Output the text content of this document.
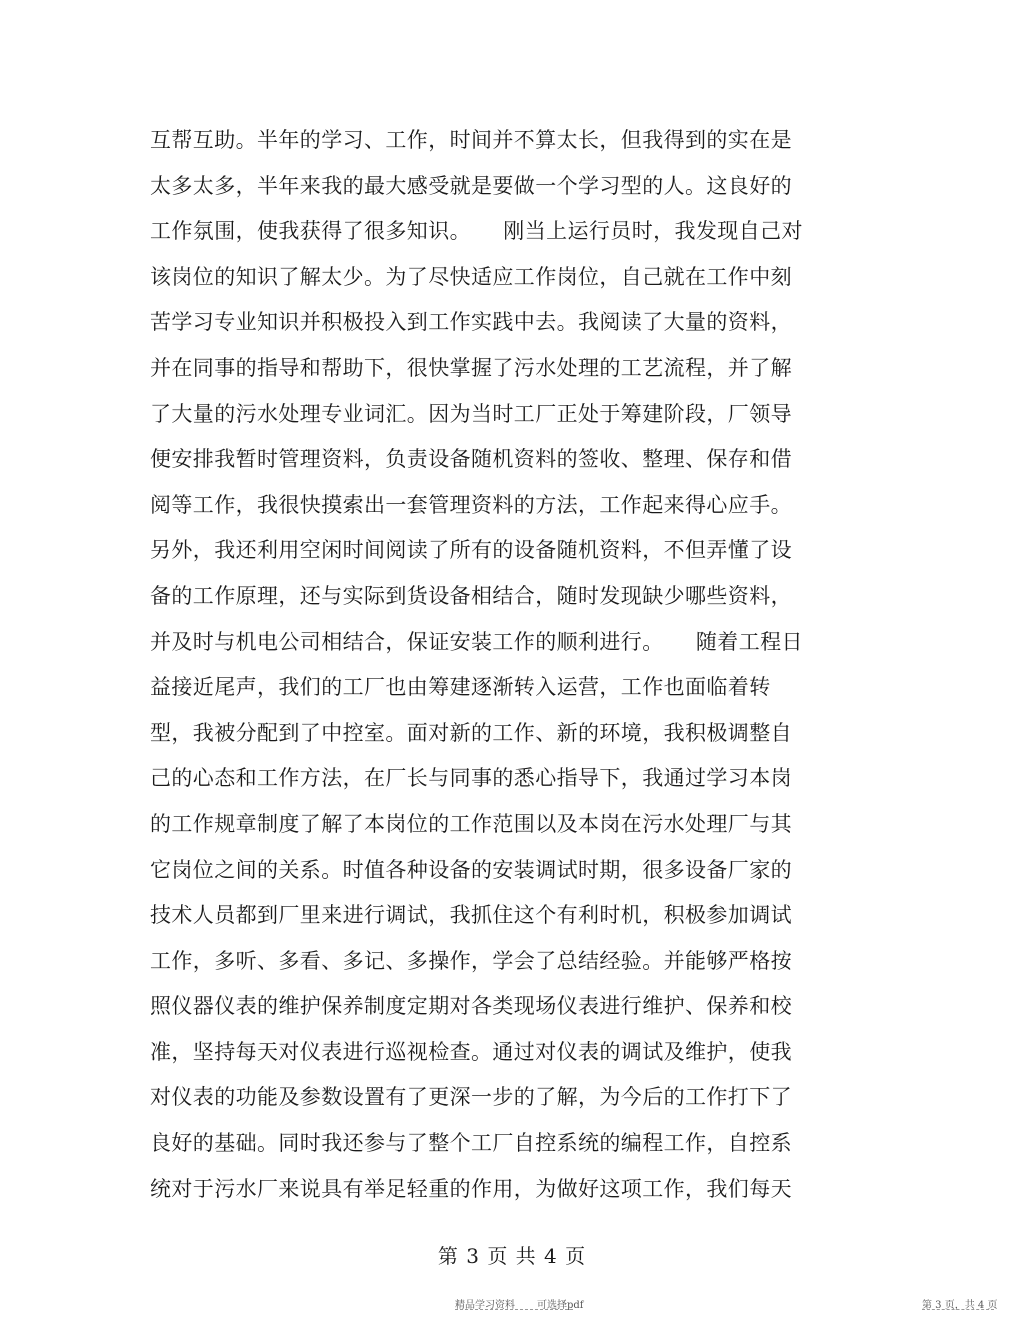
互帮互助。半年的学习、工作，时间并不算太长，但我得到的实在是
太多太多，半年来我的最大感受就是要做一个学习型的人。这良好的
工作氛围，使我获得了很多知识。　　刚当上运行员时，我发现自己对
该岗位的知识了解太少。为了尽快适应工作岗位，自己就在工作中刻
苦学习专业知识并积极投入到工作实践中去。我阅读了大量的资料，
并在同事的指导和帮助下，很快掌握了污水处理的工艺流程，并了解
了大量的污水处理专业词汇。因为当时工厂正处于筹建阶段，厂领导
便安排我暂时管理资料，负责设备随机资料的签收、整理、保存和借
阅等工作，我很快摸索出一套管理资料的方法，工作起来得心应手。
另外，我还利用空闲时间阅读了所有的设备随机资料，不但弄懂了设
备的工作原理，还与实际到货设备相结合，随时发现缺少哪些资料，
并及时与机电公司相结合，保证安装工作的顺利进行。　　随着工程日
益接近尾声，我们的工厂也由筹建逐渐转入运营，工作也面临着转
型，我被分配到了中控室。面对新的工作、新的环境，我积极调整自
己的心态和工作方法，在厂长与同事的悉心指导下，我通过学习本岗
的工作规章制度了解了本岗位的工作范围以及本岗在污水处理厂与其
它岗位之间的关系。时值各种设备的安装调试时期，很多设备厂家的
技术人员都到厂里来进行调试，我抓住这个有利时机，积极参加调试
工作，多听、多看、多记、多操作，学会了总结经验。并能够严格按
照仪器仪表的维护保养制度定期对各类现场仪表进行维护、保养和校
准，坚持每天对仪表进行巡视检查。通过对仪表的调试及维护，使我
对仪表的功能及参数设置有了更深一步的了解，为今后的工作打下了
良好的基础。同时我还参与了整个工厂自控系统的编程工作，自控系
统对于污水厂来说具有举足轻重的作用，为做好这项工作，我们每天
第 3 页 共 4 页
精品学习资料 可选择pdf	第 3 页，共 4 页
